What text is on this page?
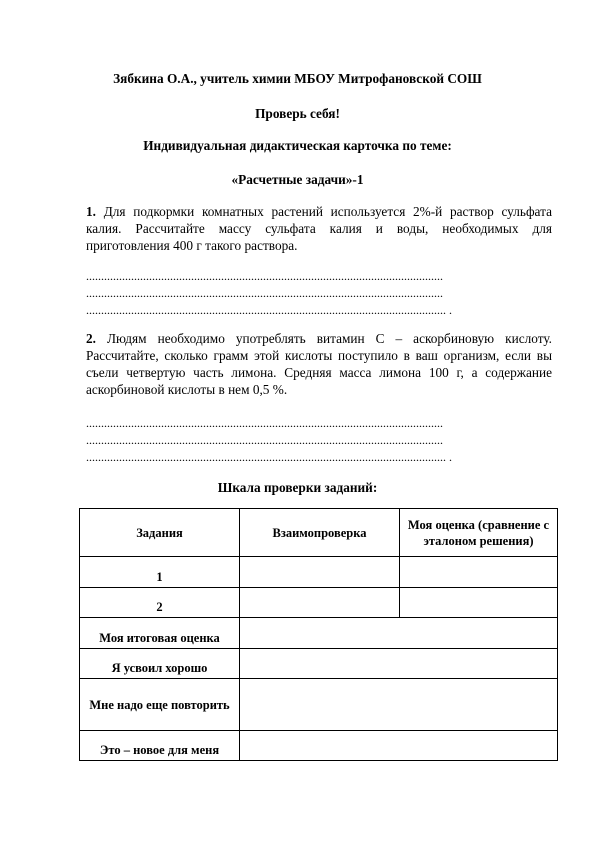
Зябкина О.А., учитель химии МБОУ Митрофановской СОШ

Проверь себя!

Индивидуальная дидактическая карточка по теме:

«Расчетные задачи»-1

1. Для подкормки комнатных растений используется 2%-й раствор сульфата калия. Рассчитайте массу сульфата калия и воды, необходимых для приготовления 400 г такого раствора.

.......................................................................................................................
.......................................................................................................................
........................................................................................................................ .

2. Людям необходимо употреблять витамин С – аскорбиновую кислоту. Рассчитайте, сколько грамм этой кислоты поступило в ваш организм, если вы съели четвертую часть лимона. Средняя масса лимона 100 г, а содержание аскорбиновой кислоты в нем 0,5 %.

.......................................................................................................................
.......................................................................................................................
........................................................................................................................ .

Шкала проверки заданий:

Задания	Взаимопроверка	Моя оценка (сравнение с эталоном решения)
1		
2		
Моя итоговая оценка		
Я усвоил хорошо		
Мне надо еще повторить		
Это – новое для меня		
